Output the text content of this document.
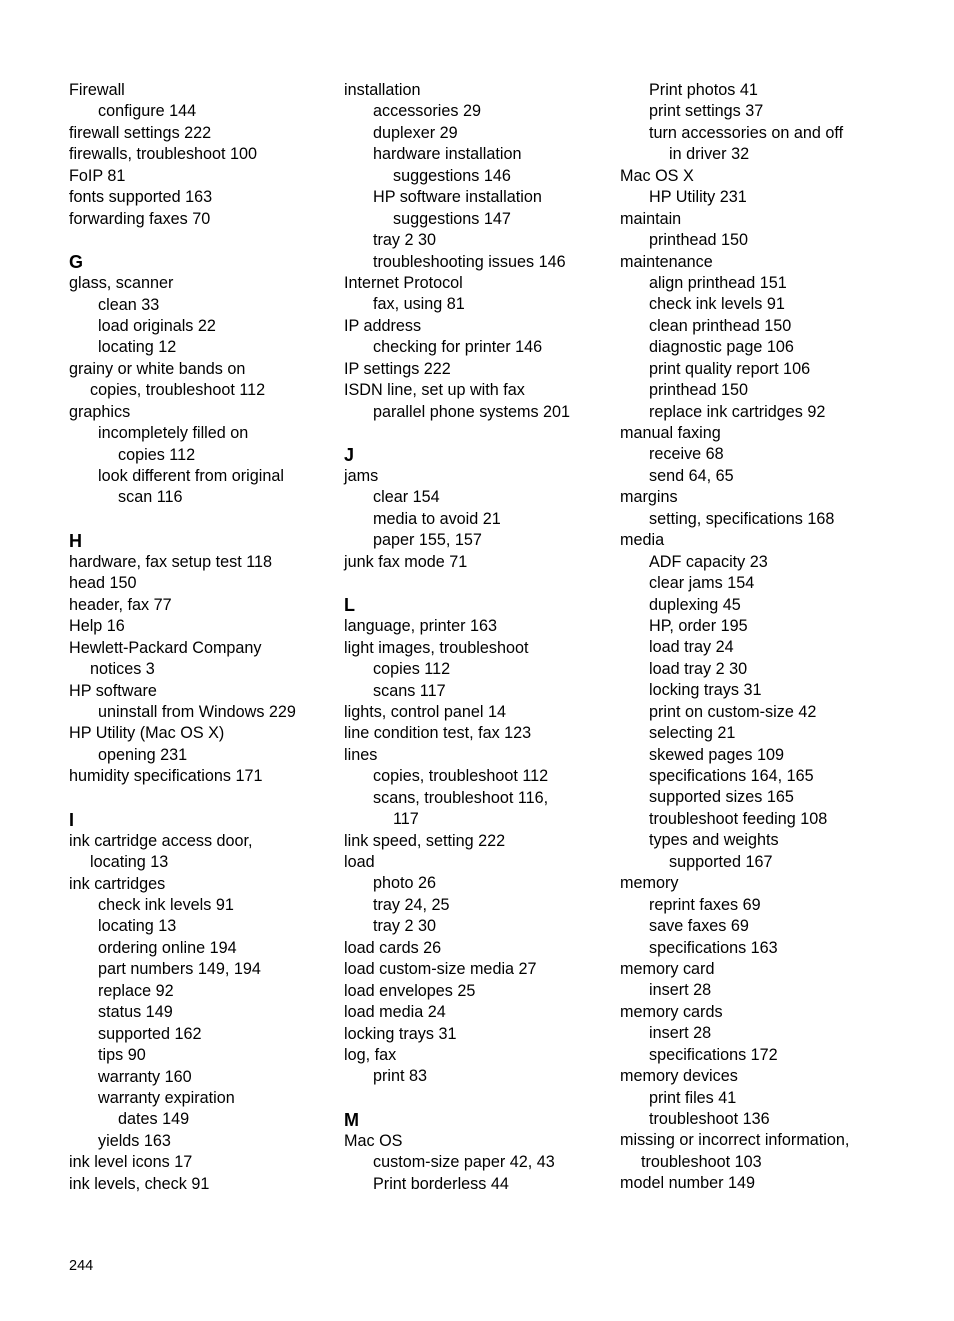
Firewall
configure 144
firewall settings 222
firewalls, troubleshoot 100
FoIP 81
fonts supported 163
forwarding faxes 70
G
glass, scanner
clean 33
load originals 22
locating 12
grainy or white bands on
copies, troubleshoot 112
graphics
incompletely filled on
copies 112
look different from original
scan 116
H
hardware, fax setup test 118
head 150
header, fax 77
Help 16
Hewlett-Packard Company
notices 3
HP software
uninstall from Windows 229
HP Utility (Mac OS X)
opening 231
humidity specifications 171
I
ink cartridge access door,
locating 13
ink cartridges
check ink levels 91
locating 13
ordering online 194
part numbers 149, 194
replace 92
status 149
supported 162
tips 90
warranty 160
warranty expiration
dates 149
yields 163
ink level icons 17
ink levels, check 91
installation
accessories 29
duplexer 29
hardware installation
suggestions 146
HP software installation
suggestions 147
tray 2 30
troubleshooting issues 146
Internet Protocol
fax, using 81
IP address
checking for printer 146
IP settings 222
ISDN line, set up with fax
parallel phone systems 201
J
jams
clear 154
media to avoid 21
paper 155, 157
junk fax mode 71
L
language, printer 163
light images, troubleshoot
copies 112
scans 117
lights, control panel 14
line condition test, fax 123
lines
copies, troubleshoot 112
scans, troubleshoot 116,
117
link speed, setting 222
load
photo 26
tray 24, 25
tray 2 30
load cards 26
load custom-size media 27
load envelopes 25
load media 24
locking trays 31
log, fax
print 83
M
Mac OS
custom-size paper 42, 43
Print borderless 44
Print photos 41
print settings 37
turn accessories on and off
in driver 32
Mac OS X
HP Utility 231
maintain
printhead 150
maintenance
align printhead 151
check ink levels 91
clean printhead 150
diagnostic page 106
print quality report 106
printhead 150
replace ink cartridges 92
manual faxing
receive 68
send 64, 65
margins
setting, specifications 168
media
ADF capacity 23
clear jams 154
duplexing 45
HP, order 195
load tray 24
load tray 2 30
locking trays 31
print on custom-size 42
selecting 21
skewed pages 109
specifications 164, 165
supported sizes 165
troubleshoot feeding 108
types and weights
supported 167
memory
reprint faxes 69
save faxes 69
specifications 163
memory card
insert 28
memory cards
insert 28
specifications 172
memory devices
print files 41
troubleshoot 136
missing or incorrect information,
troubleshoot 103
model number 149
244
